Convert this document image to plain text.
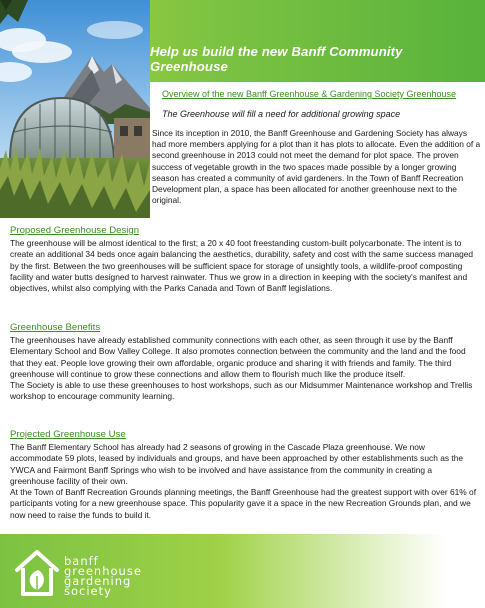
Help us build the new Banff Community Greenhouse
Overview of the new Banff Greenhouse & Gardening Society Greenhouse
The Greenhouse will fill a need for additional growing space

Since its inception in 2010, the Banff Greenhouse and Gardening Society has always had more members applying for a plot than it has plots to allocate. Even the addition of a second greenhouse in 2013 could not meet the demand for plot space. The proven success of vegetable growth in the two spaces made possible by a longer growing season has created a community of avid gardeners. In the Town of Banff Recreation Development plan, a space has been allocated for another greenhouse next to the original.

Proposed Greenhouse Design

The greenhouse will be almost identical to the first; a 20 x 40 foot freestanding custom-built polycarbonate. The intent is to create an additional 34 beds once again balancing the aesthetics, durability, safety and cost with the same success managed by the first. Between the two greenhouses will be sufficient space for storage of unsightly tools, a wildlife-proof composting facility and water butts designed to harvest rainwater. Thus we grow in a direction in keeping with the society's manifest and objectives, whilst also complying with the Parks Canada and Town of Banff legislations.

Greenhouse Benefits

The greenhouses have already established community connections with each other, as seen through it use by the Banff Elementary School and Bow Valley College. It also promotes connection between the community and the land and the food that they eat. People love growing their own affordable, organic produce and sharing it with friends and family. The third greenhouse will continue to grow these connections and allow them to flourish much like the produce itself.

The Society is able to use these greenhouses to host workshops, such as our Midsummer Maintenance workshop and Trellis workshop to encourage community learning.

Projected Greenhouse Use

The Banff Elementary School has already had 2 seasons of growing in the Cascade Plaza greenhouse. We now accommodate 59 plots, leased by individuals and groups, and have been approached by other establishments such as the YWCA and Fairmont Banff Springs who wish to be involved and have assistance from the community in creating a greenhouse facility of their own.

At the Town of Banff Recreation Grounds planning meetings, the Banff Greenhouse had the greatest support with over 61% of participants voting for a new greenhouse space. This popularity gave it a space in the new Recreation Grounds plan, and we now need to raise the funds to build it.

banff
greenhouse
gardening
society
